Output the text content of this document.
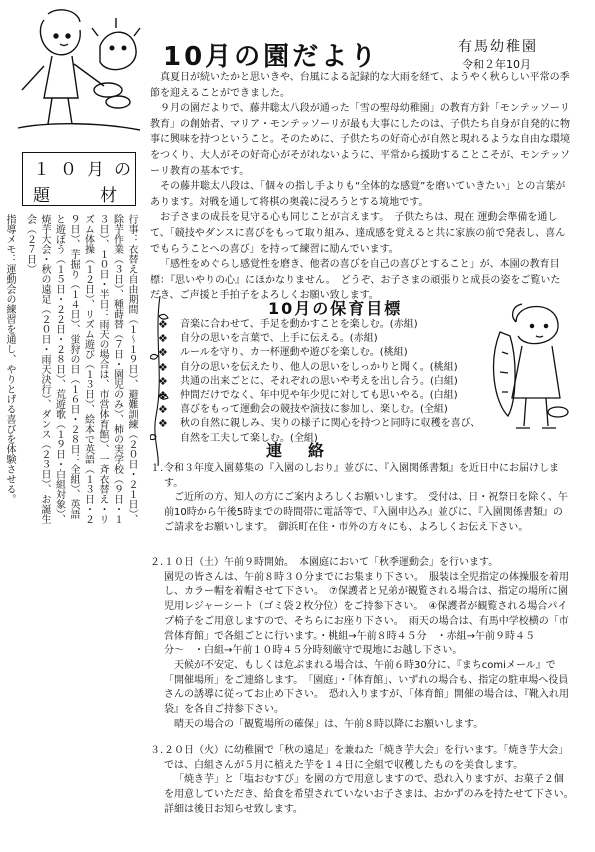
10月の園だより	有馬幼稚園
令和２年10月

真夏日が続いたかと思いきや、台風による記録的な大雨を経て、ようやく秋らしい平常の季節を迎えることができました。

９月の園だよりで、藤井聡太八段が通った「雪の聖母幼稚園」の教育方針「モンテッソーリ教育」の創始者、マリア・モンテッソーリが最も大事にしたのは、子供たち自身が自発的に物事に興味を持つということ。そのために、子供たちの好奇心が自然と現れるような自由な環境をつくり、大人がその好奇心がそがれないように、平常から援助することこそが、モンテッソーリ教育の基本です。

その藤井聡太八段は、「個々の指し手よりも“全体的な感覚”を磨いていきたい」との言葉があります。対戦を通して将棋の奥義に浸ろうとする境地です。

お子さまの成長を見守る心も同じことが言えます。　子供たちは、現在 運動会準備を通して、「競技やダンスに喜びをもって取り組み、達成感を覚えると共に家族の前で発表し、喜んでもらうことへの喜び」を持って練習に励んでいます。

「感性をめぐらし感覚性を磨き、他者の喜びを自己の喜びとすること」が、本園の教育目標：『思いやりの心』にほかなりません。　どうぞ、お子さまの頑張りと成長の姿をご覧いただき、ご声援と手拍子をよろしくお願い致します。

１０月の
題材

行事：衣替え自由期間（１〜１９日）、避難訓練（２０日・２１日）、除芋作業（３日）、種蒔替（７日・園児のみ）、柿の実学校（９日・１３日）、１０日・半日：雨天の場合は、市営体育館）、一斉衣替え・リズム体操（１２日）、リズム遊び（１３日）、絵本で英語（１３日・２９日）、芋掘り（１４日）、蛍狩の日（１６日・２８日：全組）、英語と遊ぼう（１５日・２２日・２８日）、荒遊歌（１９日・白組対象）、焼芋大会・秋の遠足（２０日・雨天決行）、ダンス（２３日）、お誕生会（２７日）

指導メモ：運動会の練習を通し、やりとげる喜びを体験させる。	10月の保育目標
❖ 音楽に合わせて、手足を動かすことを楽しむ。(赤組)
❖ 自分の思いを言葉で、上手に伝える。(赤組)
❖ ルールを守り、カ一杯運動や遊びを楽しむ。(桃組)
❖ 自分の思いを伝えたり、他人の思いをしっかりと聞く。(桃組)
❖ 共通の出来ごとに、それぞれの思いや考えを出し合う。(白組)
❖ 仲間だけでなく、年中児や年少児に対しても思いやる。(白組)
❖ 喜びをもって運動会の競技や演技に参加し、楽しむ。(全組)
❖ 秋の自然に親しみ、実りの様子に関心を持つと同時に収穫を喜び、自然を工夫して楽しむ。(全組)
連絡
１. 令和３年度入園募集の『入園のしおり』並びに、『入園関係書類』を近日中にお届けします。

ご近所の方、知人の方にご案内よろしくお願いします。　受付は、日・祝祭日を除く、午前10時から午後5時までの時間帯に電話等で、『入園申込み』並びに、『入園関係書類』のご請求をお願いします。　御浜町在住・市外の方々にも、よろしくお伝え下さい。

２. １０日（土）午前９時開始。　本園庭において「秋季運動会」を行います。

園児の皆さんは、午前８時３０分までにお集まり下さい。　服装は全児指定の体操服を着用し、カラー帽を着帽させて下さい。　⑦保護者と兄弟が観覧される場合は、指定の場所に園児用レジャーシート（ゴミ袋２枚分位）をご持参下さい。　④保護者が観覧される場合パイプ椅子をご用意しますので、そちらにお座り下さい。　雨天の場合は、有馬中学校横の「市営体育館」で各組ごとに行います。・桃組→午前８時４５分　・赤組→午前９時４５分〜　・白組→午前１０時４５分時刻厳守で現地にお越し下さい。

天候が不安定、もしくは危ぶまれる場合は、午前６時30分に、『まちcomiメール』で「開催場所」をご連絡します。　「園庭」・「体育館」、いずれの場合も、指定の駐車場へ役員さんの誘導に従ってお止め下さい。　恐れ入りますが、「体育館」開催の場合は、『靴入れ用袋』を各自ご持参下さい。

晴天の場合の「観覧場所の確保」は、午前８時以降にお願いします。

３. ２０日（火）に幼稚園で「秋の遠足」を兼ねた「焼き芋大会」を行います。「焼き芋大会」では、白組さんが５月に植えた芋を１４日に全組で収穫したものを美食します。

「焼き芋」と「塩おむすび」を園の方で用意しますので、恐れ入りますが、お菓子２個を用意していただき、給食を希望されていないお子さまは、おかずのみを持たせて下さい。　詳細は後日お知らせ致します。
